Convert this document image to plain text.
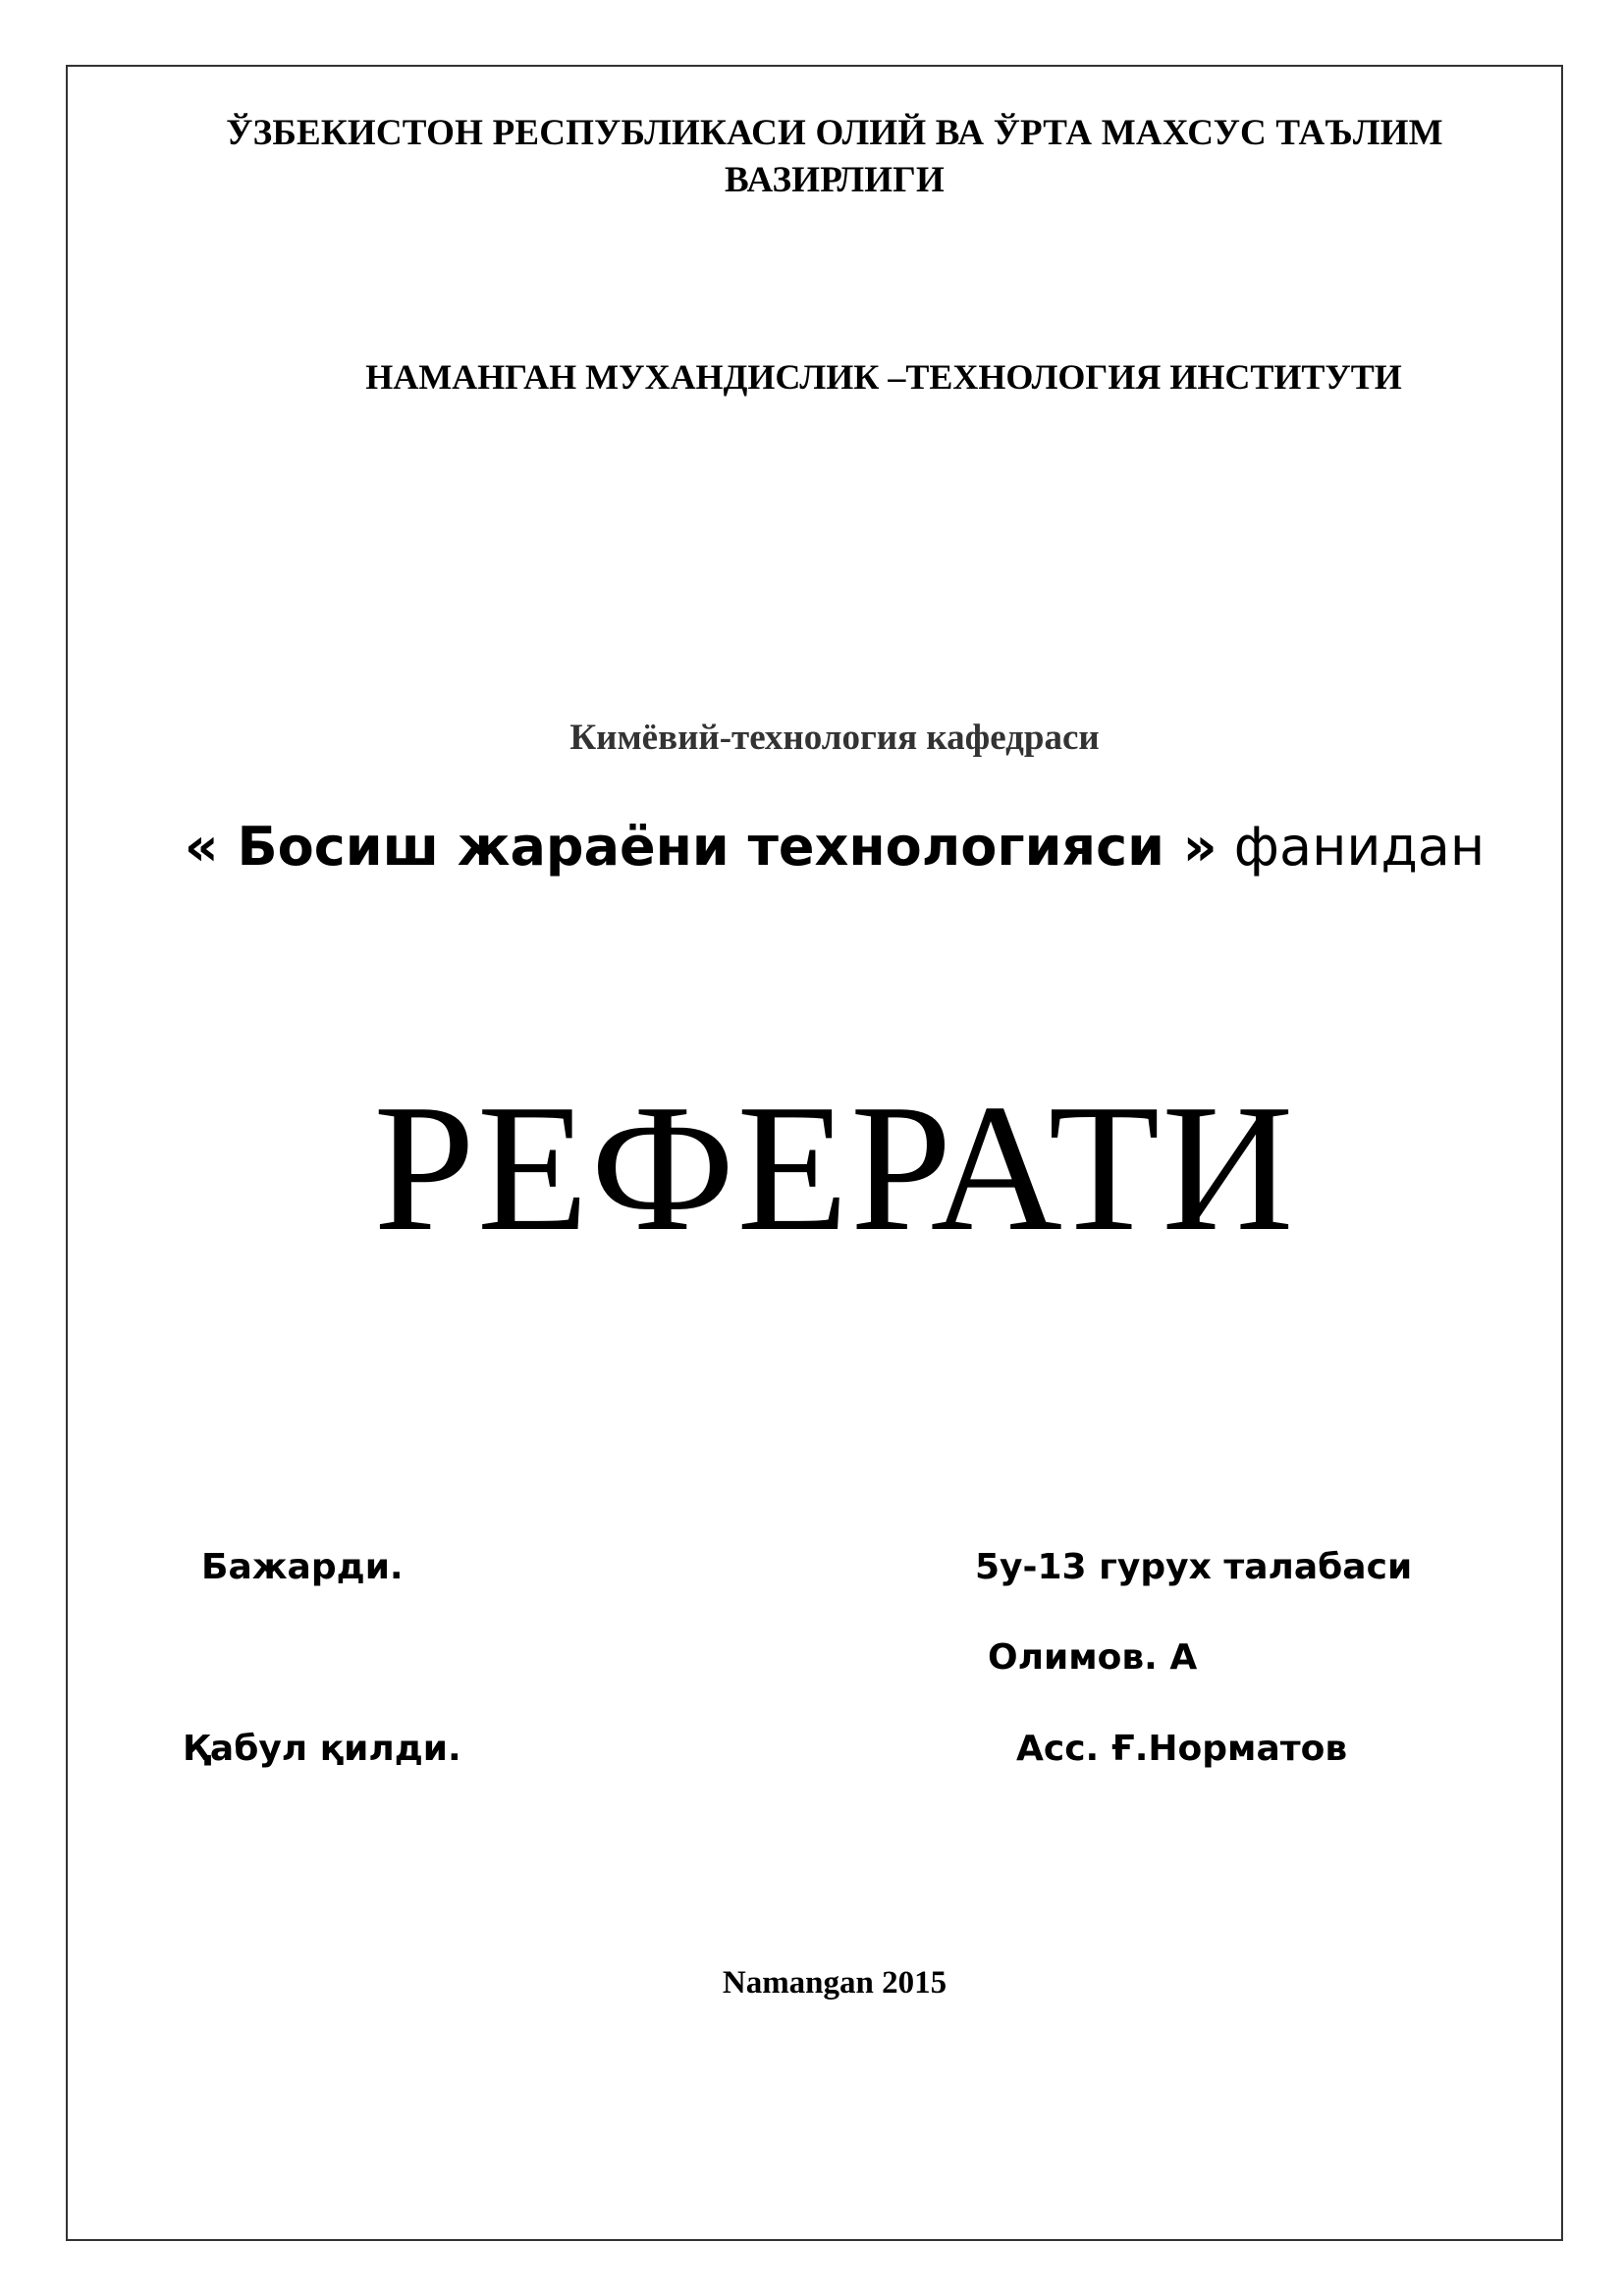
ЎЗБЕКИСТОН РЕСПУБЛИКАСИ ОЛИЙ ВА ЎРТА МАХСУС ТАЪЛИМ
ВАЗИРЛИГИ
НАМАНГАН МУХАНДИСЛИК –ТЕХНОЛОГИЯ ИНСТИТУТИ
Кимёвий-технология кафедраси
« Босиш жараёни технологияси » фанидан
РЕФЕРАТИ
Бажарди.	5у-13 гурух талабаси
Олимов. А
Қабул қилди.	Асс. Ғ.Норматов
Namangan 2015
